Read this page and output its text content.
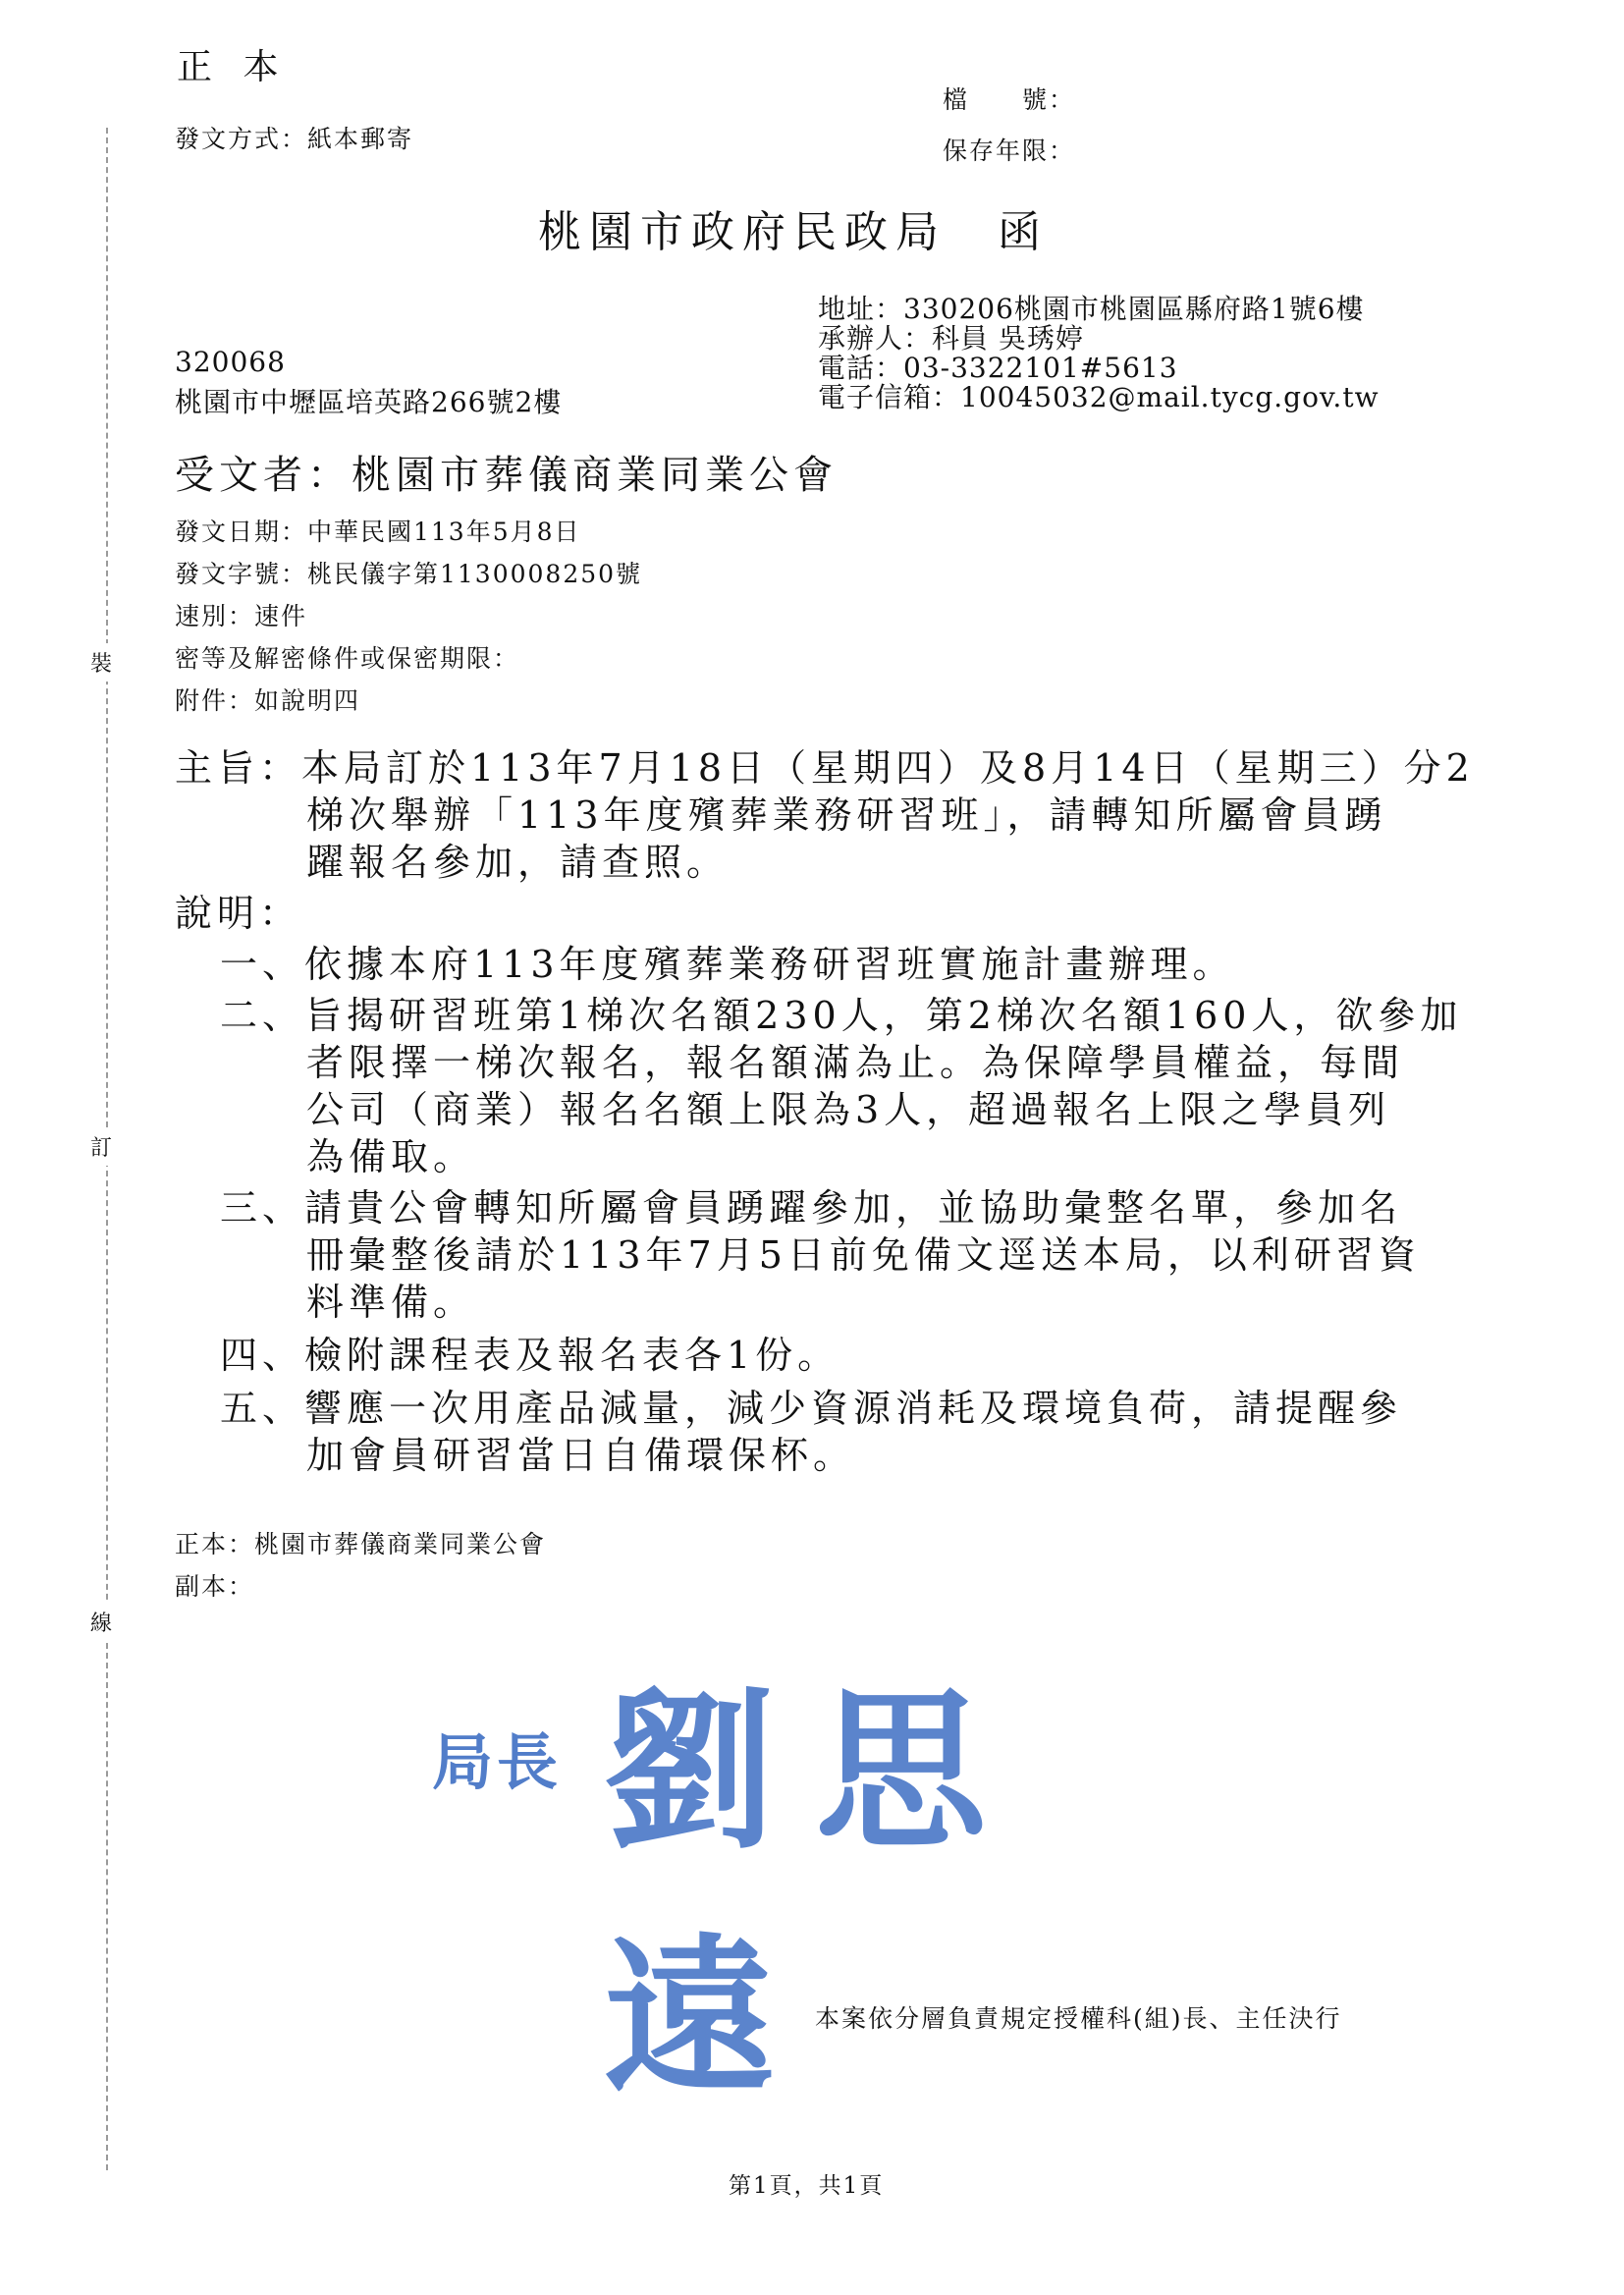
裝
訂
線
正 本
發文方式：紙本郵寄
檔　　號：
保存年限：
桃園市政府民政局　函
地址：330206桃園市桃園區縣府路1號6樓
承辦人：科員 吳琇婷
電話：03-3322101#5613
電子信箱：10045032@mail.tycg.gov.tw
320068
桃園市中壢區培英路266號2樓
受文者：桃園市葬儀商業同業公會
發文日期：中華民國113年5月8日
發文字號：桃民儀字第1130008250號
速別：速件
密等及解密條件或保密期限：
附件：如說明四
主旨：本局訂於113年7月18日（星期四）及8月14日（星期三）分2
梯次舉辦「113年度殯葬業務研習班」，請轉知所屬會員踴
躍報名參加，請查照。
說明：
一、依據本府113年度殯葬業務研習班實施計畫辦理。
二、旨揭研習班第1梯次名額230人，第2梯次名額160人，欲參加
者限擇一梯次報名，報名額滿為止。為保障學員權益，每間
公司（商業）報名名額上限為3人，超過報名上限之學員列
為備取。
三、請貴公會轉知所屬會員踴躍參加，並協助彙整名單，參加名
冊彙整後請於113年7月5日前免備文逕送本局，以利研習資
料準備。
四、檢附課程表及報名表各1份。
五、響應一次用產品減量，減少資源消耗及環境負荷，請提醒參
加會員研習當日自備環保杯。
正本：桃園市葬儀商業同業公會
副本：
局長 劉思遠 本案依分層負責規定授權科(組)長、主任決行
第1頁，共1頁
